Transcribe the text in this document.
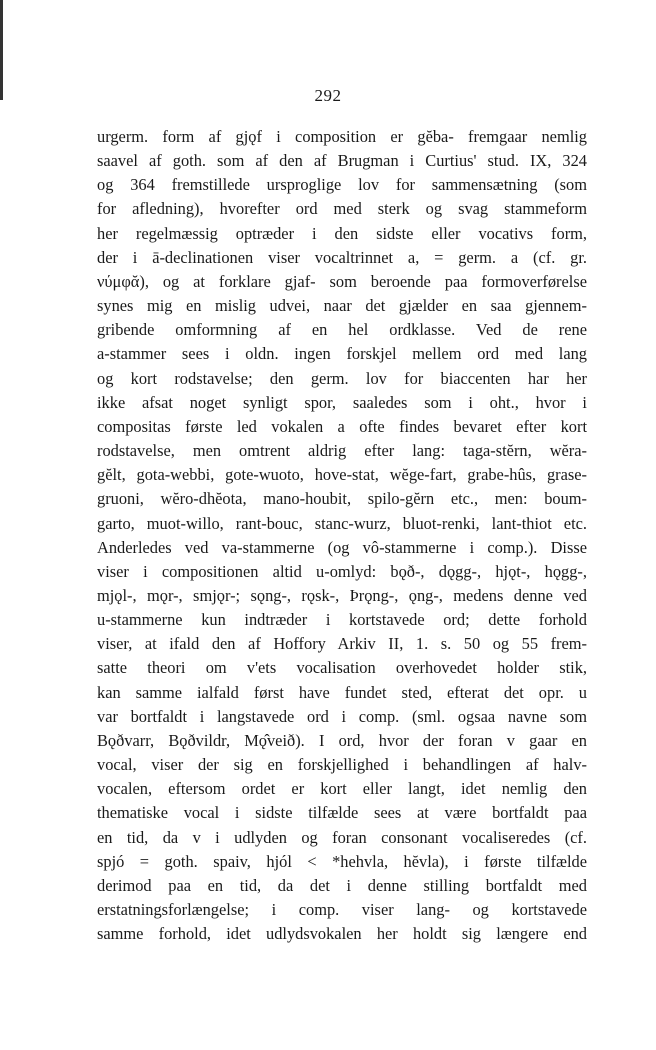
292
urgerm. form af gjǫf i composition er gĕba- fremgaar nemlig
saavel af goth. som af den af Brugman i Curtius' stud. IX, 324
og 364 fremstillede ursproglige lov for sammensætning (som
for afledning), hvorefter ord med sterk og svag stammeform
her regelmæssig optræder i den sidste eller vocativs form,
der i ā-declinationen viser vocaltrinnet a, = germ. a (cf. gr.
νύμφᾰ), og at forklare gjaf- som beroende paa formoverførelse
synes mig en mislig udvei, naar det gjælder en saa gjennem-
gribende omformning af en hel ordklasse. Ved de rene
a-stammer sees i oldn. ingen forskjel mellem ord med lang
og kort rodstavelse; den germ. lov for biaccenten har her
ikke afsat noget synligt spor, saaledes som i oht., hvor i
compositas første led vokalen a ofte findes bevaret efter kort
rodstavelse, men omtrent aldrig efter lang: taga-stĕrn, wĕra-
gĕlt, gota-webbi, gote-wuoto, hove-stat, wĕge-fart, grabe-hûs, grase-
gruoni, wĕro-dhĕota, mano-houbit, spilo-gĕrn etc., men: boum-
garto, muot-willo, rant-bouc, stanc-wurz, bluot-renki, lant-thiot etc.
Anderledes ved va-stammerne (og vô-stammerne i comp.). Disse
viser i compositionen altid u-omlyd: bǫð-, dǫgg-, hjǫt-, hǫgg-,
mjǫl-, mǫr-, smjǫr-; sǫng-, rǫsk-, Þrǫng-, ǫng-, medens denne ved
u-stammerne kun indtræder i kortstavede ord; dette forhold
viser, at ifald den af Hoffory Arkiv II, 1. s. 50 og 55 frem-
satte theori om v'ets vocalisation overhovedet holder stik,
kan samme ialfald først have fundet sted, efterat det opr. u
var bortfaldt i langstavede ord i comp. (sml. ogsaa navne som
Bǫðvarr, Bǫðvildr, Mǫ̂veið). I ord, hvor der foran v gaar en
vocal, viser der sig en forskjellighed i behandlingen af halv-
vocalen, eftersom ordet er kort eller langt, idet nemlig den
thematiske vocal i sidste tilfælde sees at være bortfaldt paa
en tid, da v i udlyden og foran consonant vocaliseredes (cf.
spjó = goth. spaiv, hjól < *hehvla, hĕvla), i første tilfælde
derimod paa en tid, da det i denne stilling bortfaldt med
erstatningsforlængelse; i comp. viser lang- og kortstavede
samme forhold, idet udlydsvokalen her holdt sig længere end
